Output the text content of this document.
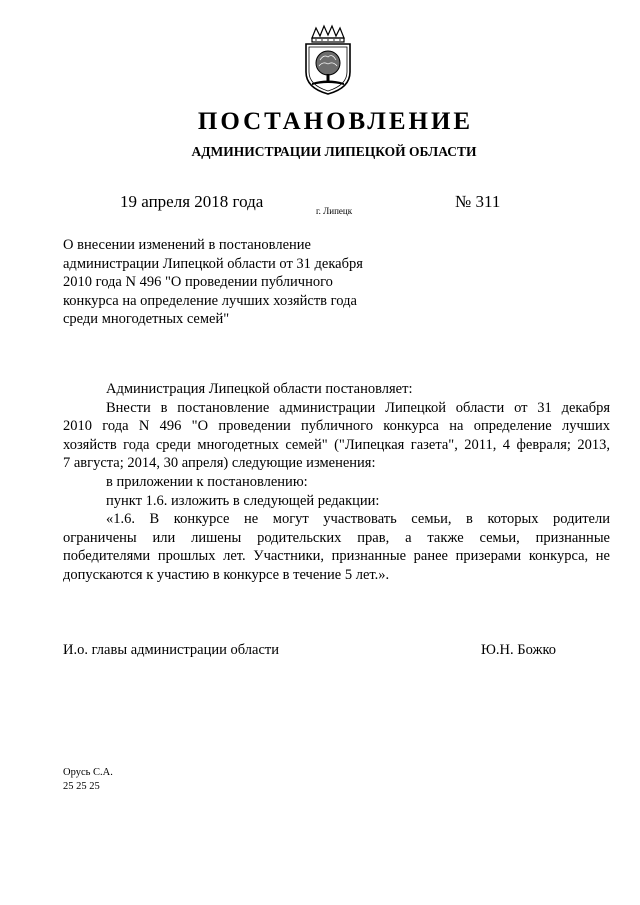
ПОСТАНОВЛЕНИЕ
АДМИНИСТРАЦИИ ЛИПЕЦКОЙ ОБЛАСТИ
19 апреля 2018 года	г. Липецк	№ 311
О внесении изменений в постановление
администрации Липецкой области от 31 декабря
2010 года N 496 "О проведении публичного
конкурса на определение лучших хозяйств года
среди многодетных семей"
Администрация Липецкой области постановляет:
Внести в постановление администрации Липецкой области от 31 декабря
2010 года N 496 "О проведении публичного конкурса на определение лучших
хозяйств года среди многодетных семей" ("Липецкая газета", 2011, 4 февраля; 2013,
7 августа; 2014, 30 апреля) следующие изменения:
в приложении к постановлению:
пункт 1.6. изложить в следующей редакции:
«1.6. В конкурсе не могут участвовать семьи, в которых родители
ограничены или лишены родительских прав, а также семьи, признанные
победителями прошлых лет. Участники, признанные ранее призерами конкурса, не
допускаются к участию в конкурсе в течение 5 лет.».
И.о. главы администрации области	Ю.Н. Божко
Орусь С.А.
25 25 25
